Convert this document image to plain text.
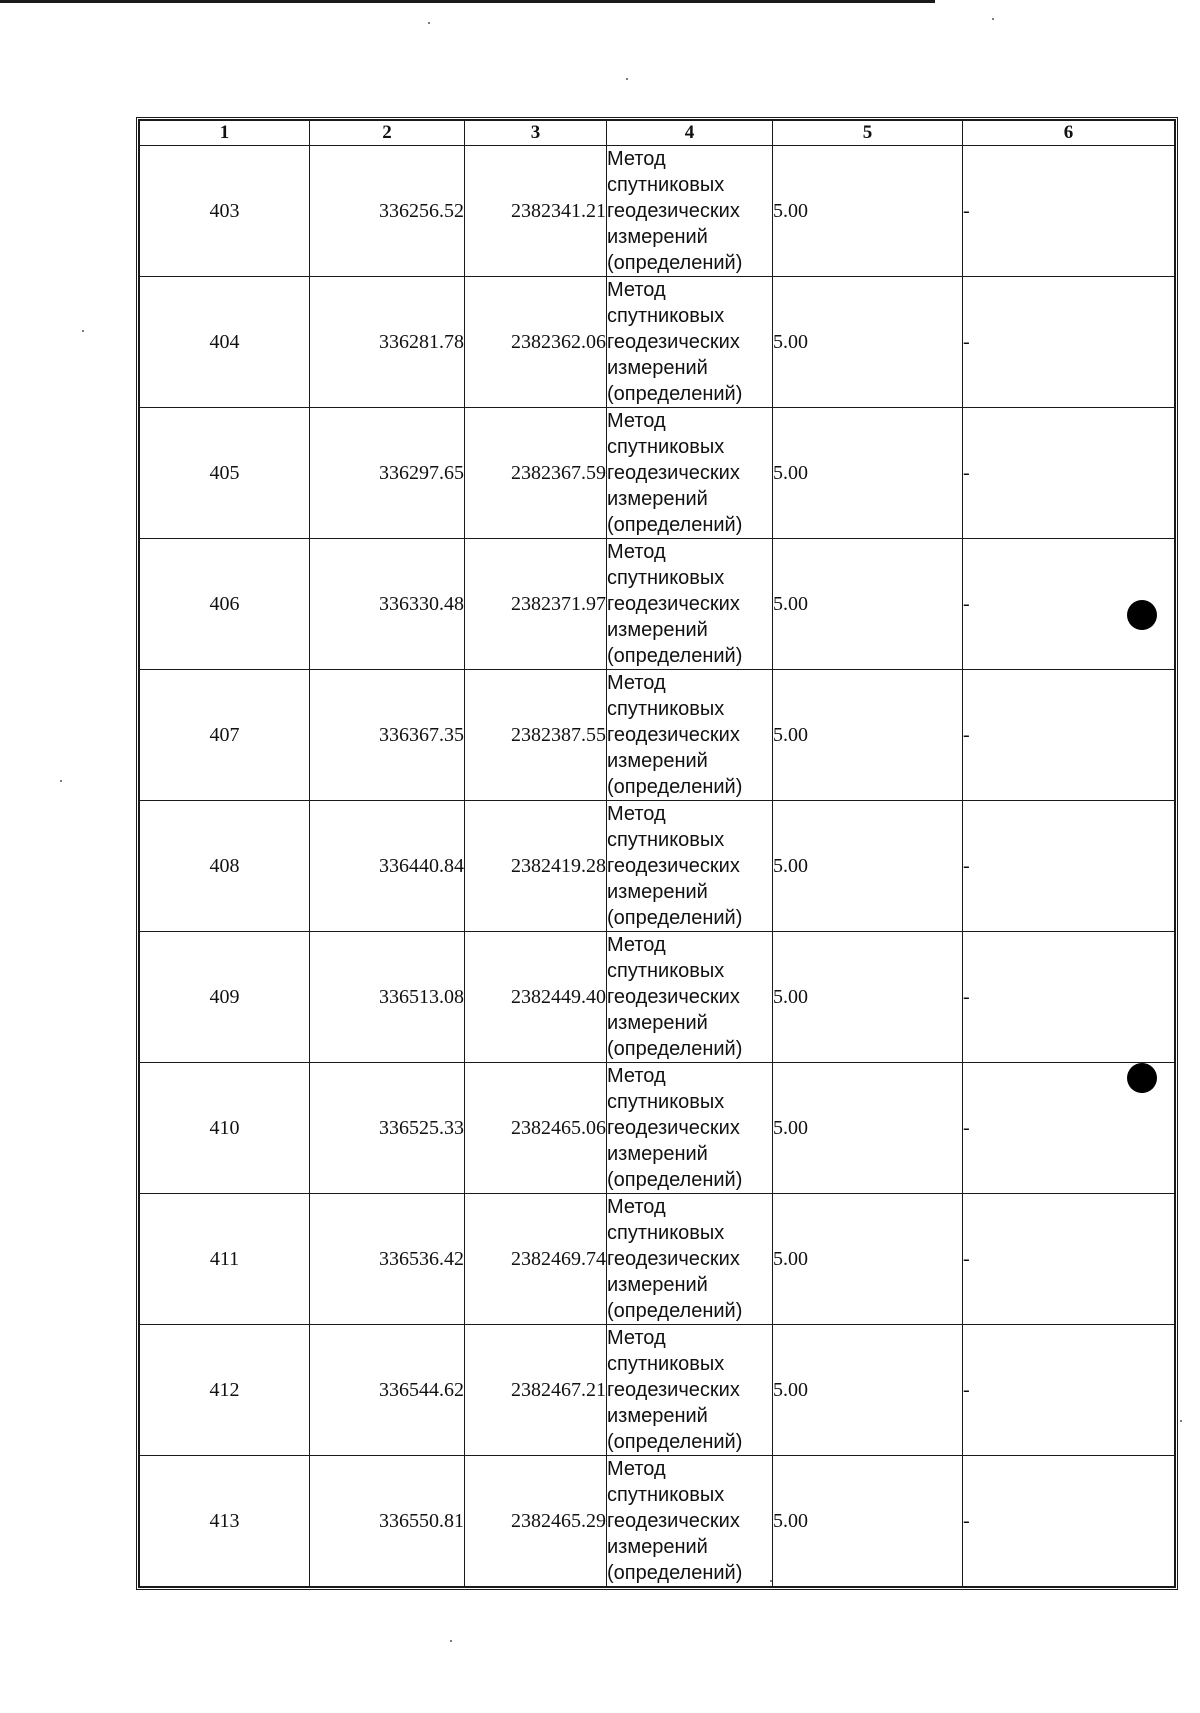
1	2	3	4	5	6
403	336256.52	2382341.21	Метод
спутниковых
геодезических
измерений
(определений)	5.00	-
404	336281.78	2382362.06	Метод
спутниковых
геодезических
измерений
(определений)	5.00	-
405	336297.65	2382367.59	Метод
спутниковых
геодезических
измерений
(определений)	5.00	-
406	336330.48	2382371.97	Метод
спутниковых
геодезических
измерений
(определений)	5.00	-
407	336367.35	2382387.55	Метод
спутниковых
геодезических
измерений
(определений)	5.00	-
408	336440.84	2382419.28	Метод
спутниковых
геодезических
измерений
(определений)	5.00	-
409	336513.08	2382449.40	Метод
спутниковых
геодезических
измерений
(определений)	5.00	-
410	336525.33	2382465.06	Метод
спутниковых
геодезических
измерений
(определений)	5.00	-
411	336536.42	2382469.74	Метод
спутниковых
геодезических
измерений
(определений)	5.00	-
412	336544.62	2382467.21	Метод
спутниковых
геодезических
измерений
(определений)	5.00	-
413	336550.81	2382465.29	Метод
спутниковых
геодезических
измерений
(определений)	5.00	-
